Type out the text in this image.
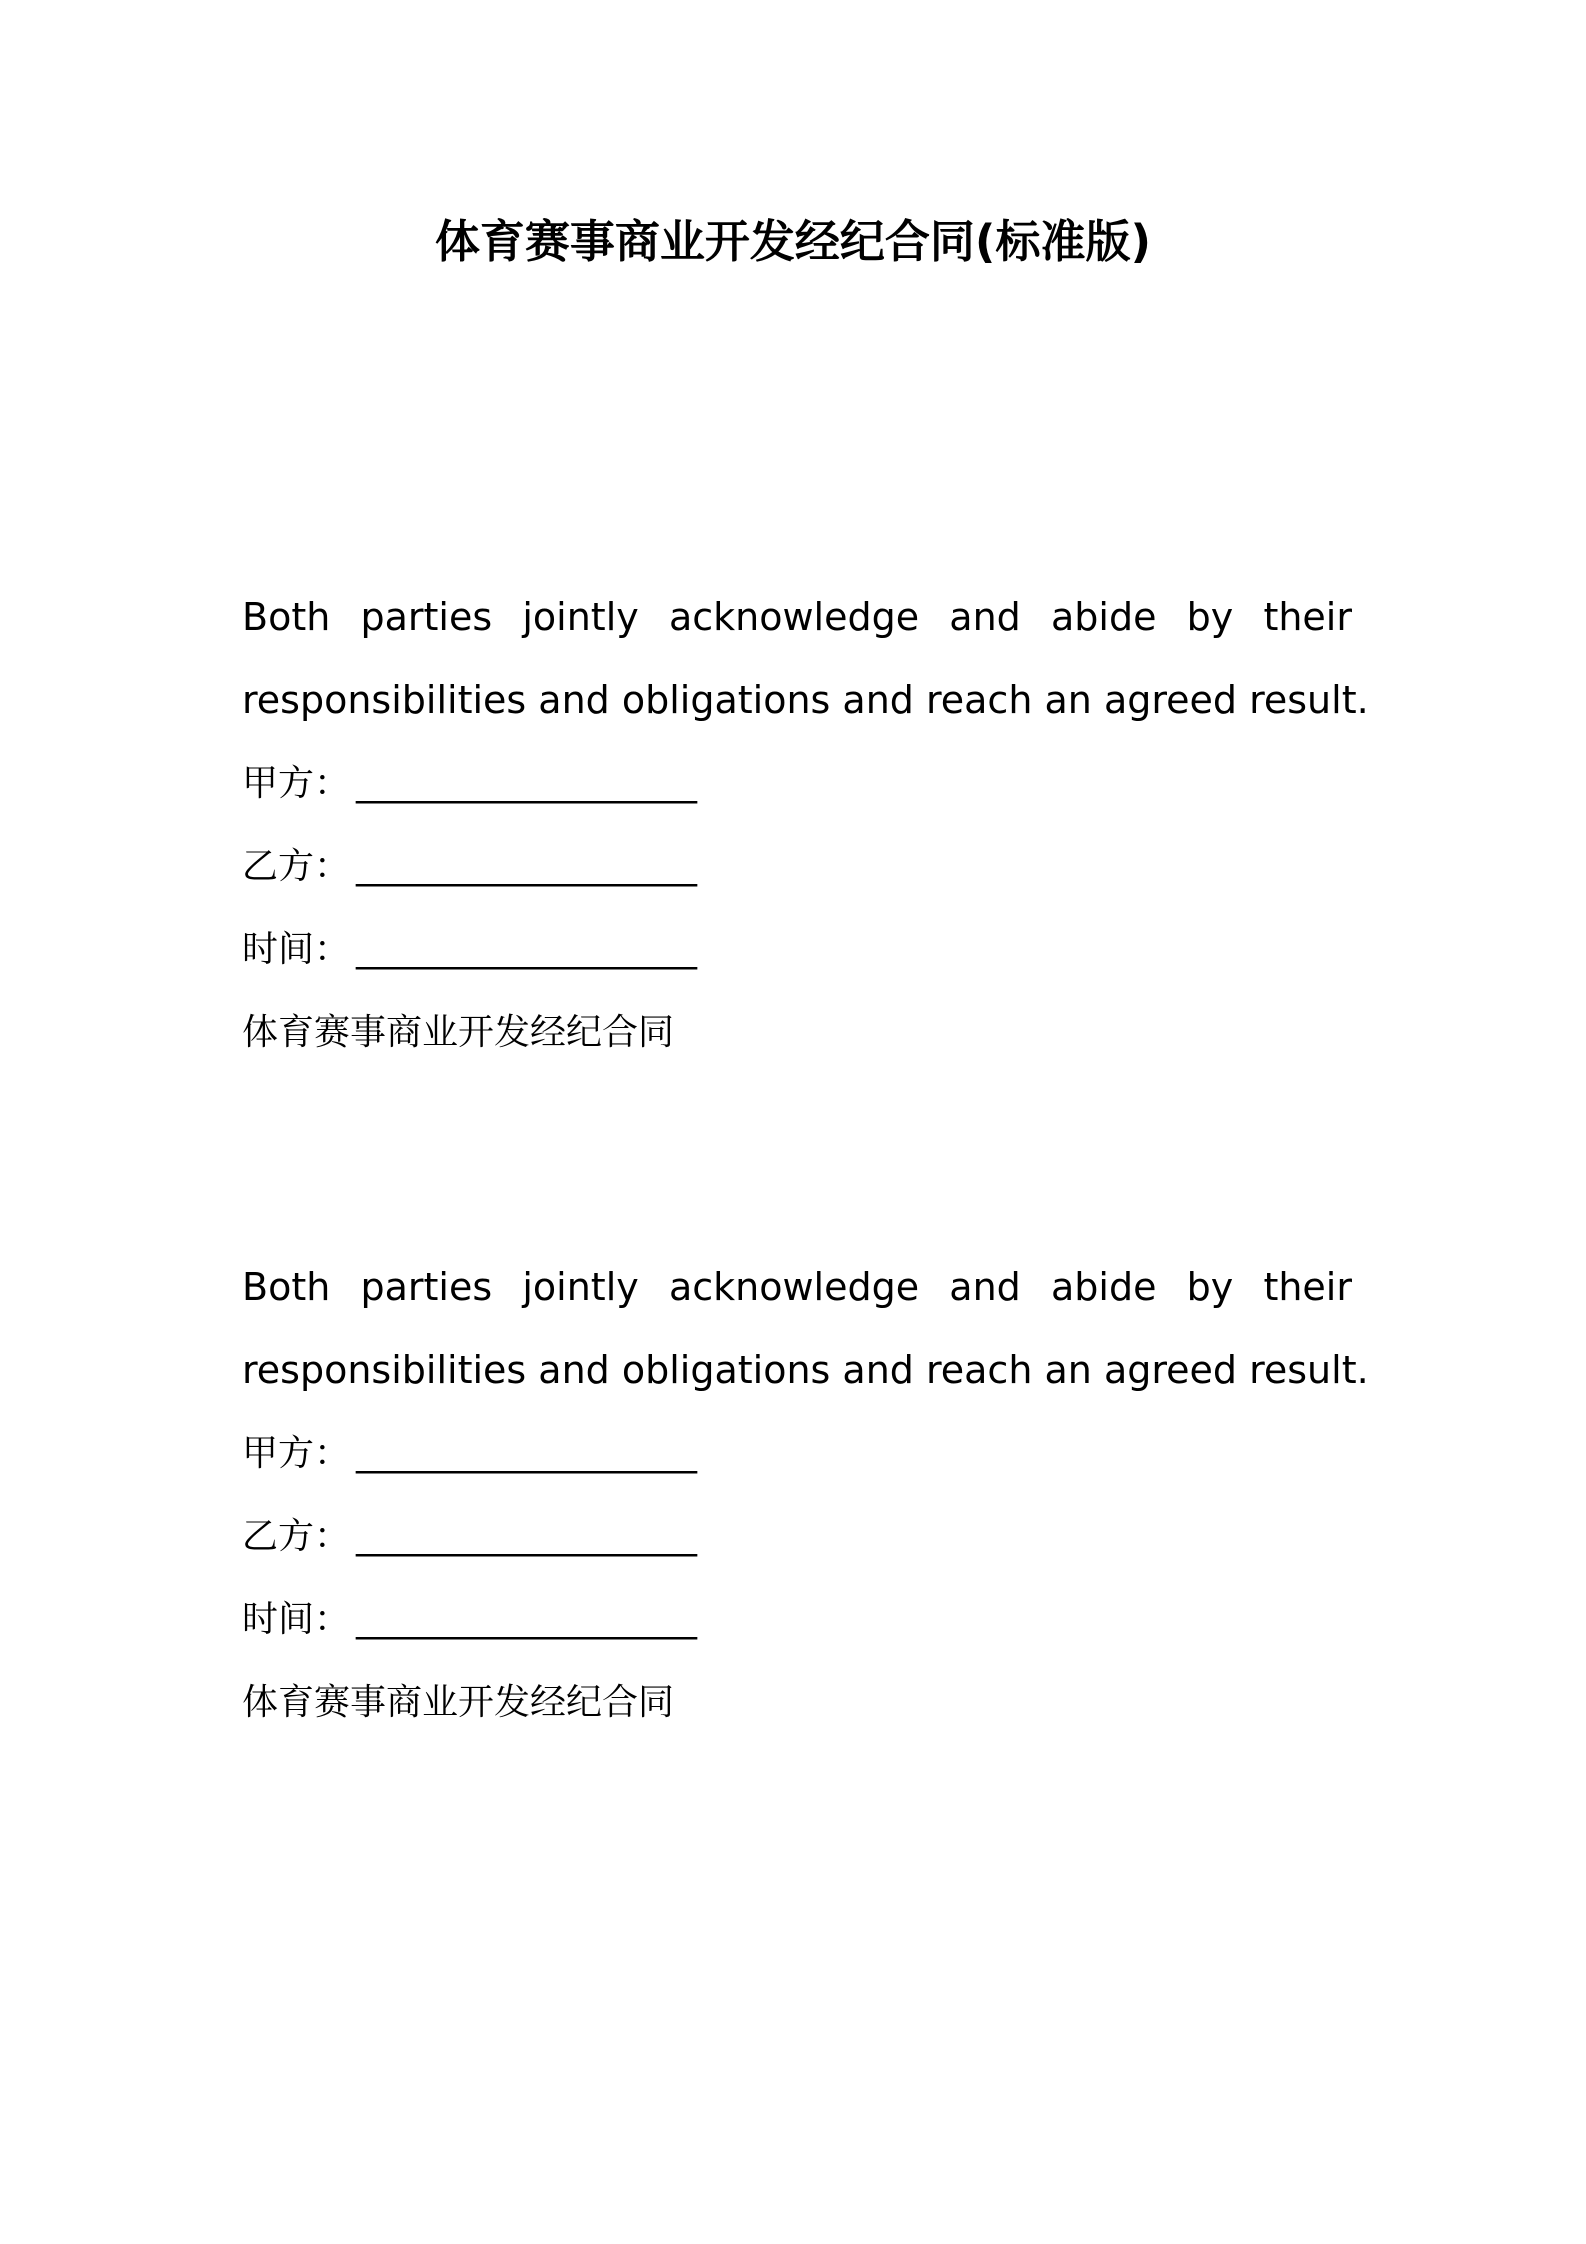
体育赛事商业开发经纪合同(标准版)

Both parties jointly acknowledge and abide by their
responsibilities and obligations and reach an agreed result.

甲方： ____________________
乙方： ____________________
时间： ____________________
体育赛事商业开发经纪合同

Both parties jointly acknowledge and abide by their
responsibilities and obligations and reach an agreed result.

甲方： ____________________
乙方： ____________________
时间： ____________________
体育赛事商业开发经纪合同
